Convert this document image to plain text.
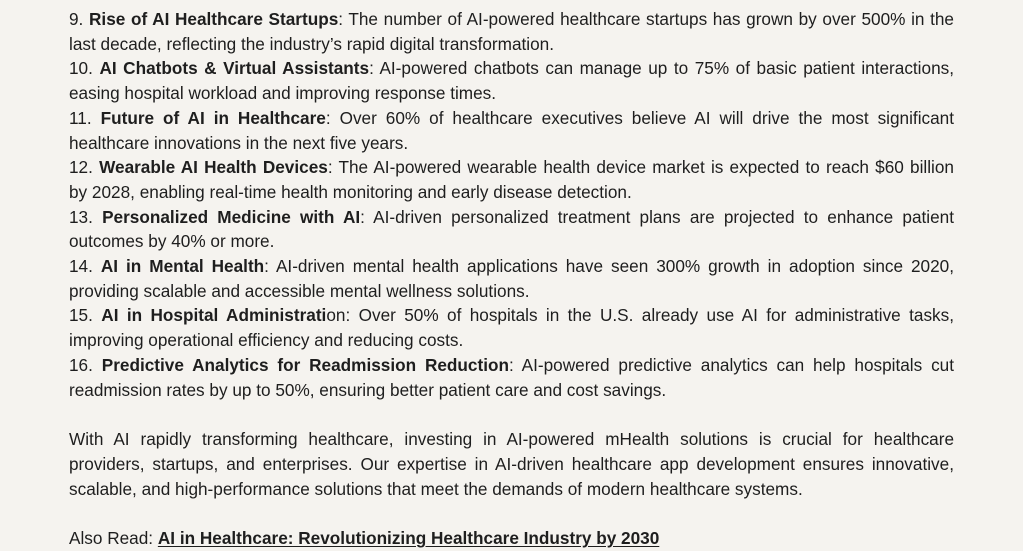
9. Rise of AI Healthcare Startups: The number of AI-powered healthcare startups has grown by over 500% in the last decade, reflecting the industry’s rapid digital transformation.

10. AI Chatbots & Virtual Assistants: AI-powered chatbots can manage up to 75% of basic patient interactions, easing hospital workload and improving response times.

11. Future of AI in Healthcare: Over 60% of healthcare executives believe AI will drive the most significant healthcare innovations in the next five years.

12. Wearable AI Health Devices: The AI-powered wearable health device market is expected to reach $60 billion by 2028, enabling real-time health monitoring and early disease detection.

13. Personalized Medicine with AI: AI-driven personalized treatment plans are projected to enhance patient outcomes by 40% or more.

14. AI in Mental Health: AI-driven mental health applications have seen 300% growth in adoption since 2020, providing scalable and accessible mental wellness solutions.

15. AI in Hospital Administration: Over 50% of hospitals in the U.S. already use AI for administrative tasks, improving operational efficiency and reducing costs.

16. Predictive Analytics for Readmission Reduction: AI-powered predictive analytics can help hospitals cut readmission rates by up to 50%, ensuring better patient care and cost savings.

With AI rapidly transforming healthcare, investing in AI-powered mHealth solutions is crucial for healthcare providers, startups, and enterprises. Our expertise in AI-driven healthcare app development ensures innovative, scalable, and high-performance solutions that meet the demands of modern healthcare systems.

Also Read: AI in Healthcare: Revolutionizing Healthcare Industry by 2030
